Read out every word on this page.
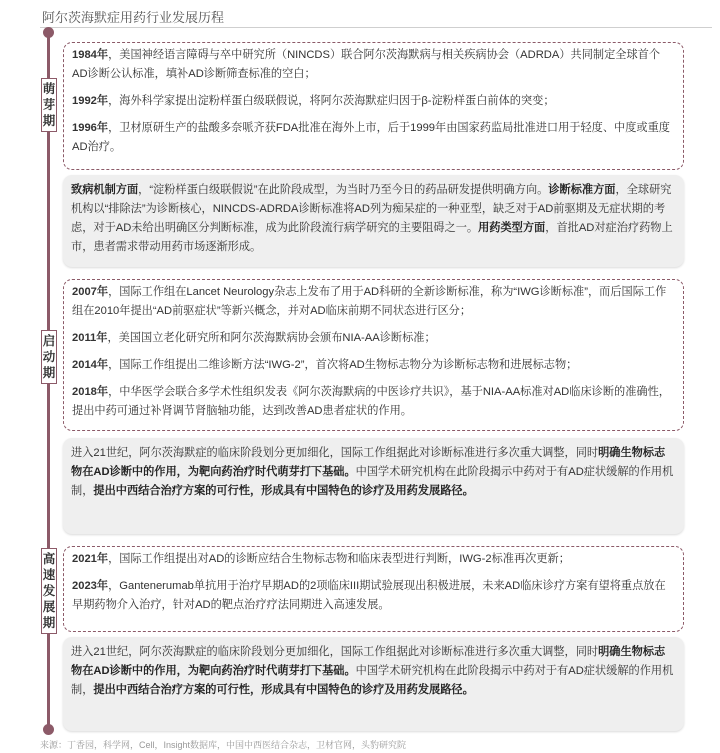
阿尔茨海默症用药行业发展历程
萌芽期
1984年，美国神经语言障碍与卒中研究所（NINCDS）联合阿尔茨海默病与相关疾病协会（ADRDA）共同制定全球首个AD诊断公认标准，填补AD诊断筛查标准的空白；
1992年，海外科学家提出淀粉样蛋白级联假说，将阿尔茨海默症归因于β-淀粉样蛋白前体的突变；
1996年，卫材原研生产的盐酸多奈哌齐获FDA批准在海外上市，后于1999年由国家药监局批准进口用于轻度、中度或重度AD治疗。
致病机制方面，“淀粉样蛋白级联假说”在此阶段成型，为当时乃至今日的药品研发提供明确方向。诊断标准方面，全球研究机构以“排除法”为诊断核心，NINCDS-ADRDA诊断标准将AD列为痴呆症的一种亚型，缺乏对于AD前驱期及无症状期的考虑，对于AD未给出明确区分判断标准，成为此阶段流行病学研究的主要阻碍之一。用药类型方面，首批AD对症治疗药物上市，患者需求带动用药市场逐渐形成。
启动期
2007年，国际工作组在Lancet Neurology杂志上发布了用于AD科研的全新诊断标准，称为“IWG诊断标准”，而后国际工作组在2010年提出“AD前驱症状”等新兴概念，并对AD临床前期不同状态进行区分；
2011年，美国国立老化研究所和阿尔茨海默病协会颁布NIA-AA诊断标准；
2014年，国际工作组提出二维诊断方法“IWG-2”，首次将AD生物标志物分为诊断标志物和进展标志物；
2018年，中华医学会联合多学术性组织发表《阿尔茨海默病的中医诊疗共识》，基于NIA-AA标准对AD临床诊断的准确性，提出中药可通过补肾调节肾脑轴功能，达到改善AD患者症状的作用。
进入21世纪，阿尔茨海默症的临床阶段划分更加细化，国际工作组据此对诊断标准进行多次重大调整，同时明确生物标志物在AD诊断中的作用，为靶向药治疗时代萌芽打下基础。中国学术研究机构在此阶段揭示中药对于有AD症状缓解的作用机制，提出中西结合治疗方案的可行性，形成具有中国特色的诊疗及用药发展路径。
高速发展期
2021年，国际工作组提出对AD的诊断应结合生物标志物和临床表型进行判断，IWG-2标准再次更新；
2023年，Gantenerumab单抗用于治疗早期AD的2项临床III期试验展现出积极进展，未来AD临床诊疗方案有望将重点放在早期药物介入治疗，针对AD的靶点治疗疗法同期进入高速发展。
进入21世纪，阿尔茨海默症的临床阶段划分更加细化，国际工作组据此对诊断标准进行多次重大调整，同时明确生物标志物在AD诊断中的作用，为靶向药治疗时代萌芽打下基础。中国学术研究机构在此阶段揭示中药对于有AD症状缓解的作用机制，提出中西结合治疗方案的可行性，形成具有中国特色的诊疗及用药发展路径。
来源：丁香园，科学网，Cell，Insight数据库，中国中西医结合杂志，卫材官网，头豹研究院
